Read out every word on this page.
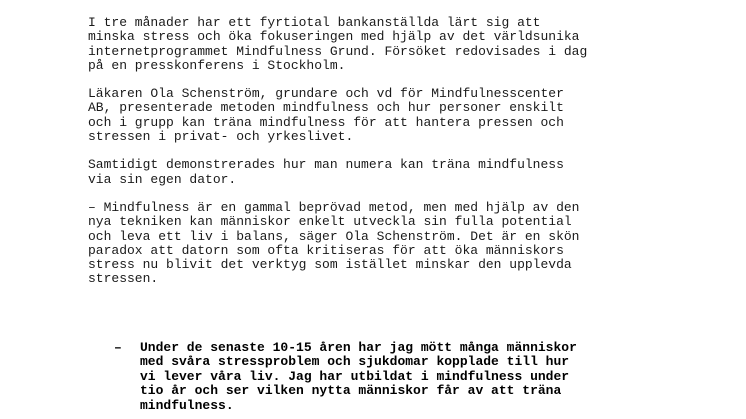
I tre månader har ett fyrtiotal bankanställda lärt sig att
minska stress och öka fokuseringen med hjälp av det världsunika
internetprogrammet Mindfulness Grund. Försöket redovisades i dag
på en presskonferens i Stockholm.

Läkaren Ola Schenström, grundare och vd för Mindfulnesscenter
AB, presenterade metoden mindfulness och hur personer enskilt
och i grupp kan träna mindfulness för att hantera pressen och
stressen i privat- och yrkeslivet.

Samtidigt demonstrerades hur man numera kan träna mindfulness
via sin egen dator.

– Mindfulness är en gammal beprövad metod, men med hjälp av den
nya tekniken kan människor enkelt utveckla sin fulla potential
och leva ett liv i balans, säger Ola Schenström. Det är en skön
paradox att datorn som ofta kritiseras för att öka människors
stress nu blivit det verktyg som istället minskar den upplevda
stressen.

– Under de senaste 10-15 åren har jag mött många människor
med svåra stressproblem och sjukdomar kopplade till hur
vi lever våra liv. Jag har utbildat i mindfulness under
tio år och ser vilken nytta människor får av att träna
mindfulness.
